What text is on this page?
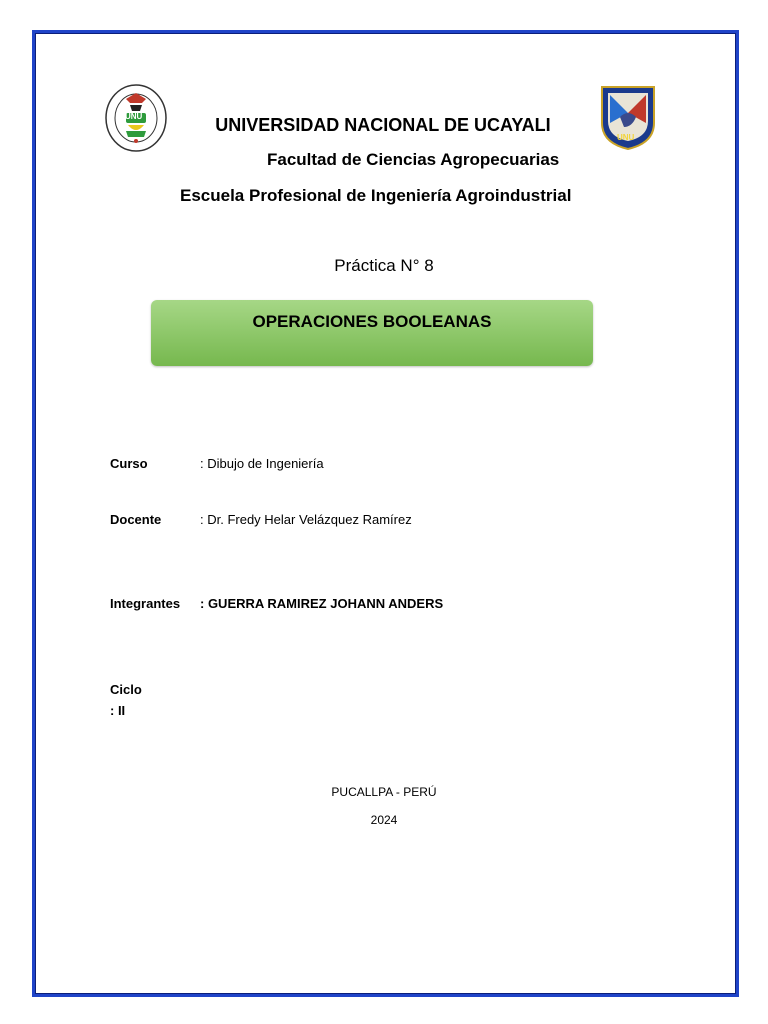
UNU
UNU
UNIVERSIDAD NACIONAL DE UCAYALI
Facultad de Ciencias Agropecuarias
Escuela Profesional de Ingeniería Agroindustrial
Práctica N° 8
OPERACIONES BOOLEANAS
Curso	: Dibujo de Ingeniería
Docente	: Dr. Fredy Helar Velázquez Ramírez
Integrantes : GUERRA RAMIREZ JOHANN ANDERS
Ciclo
: II
PUCALLPA - PERÚ
2024
